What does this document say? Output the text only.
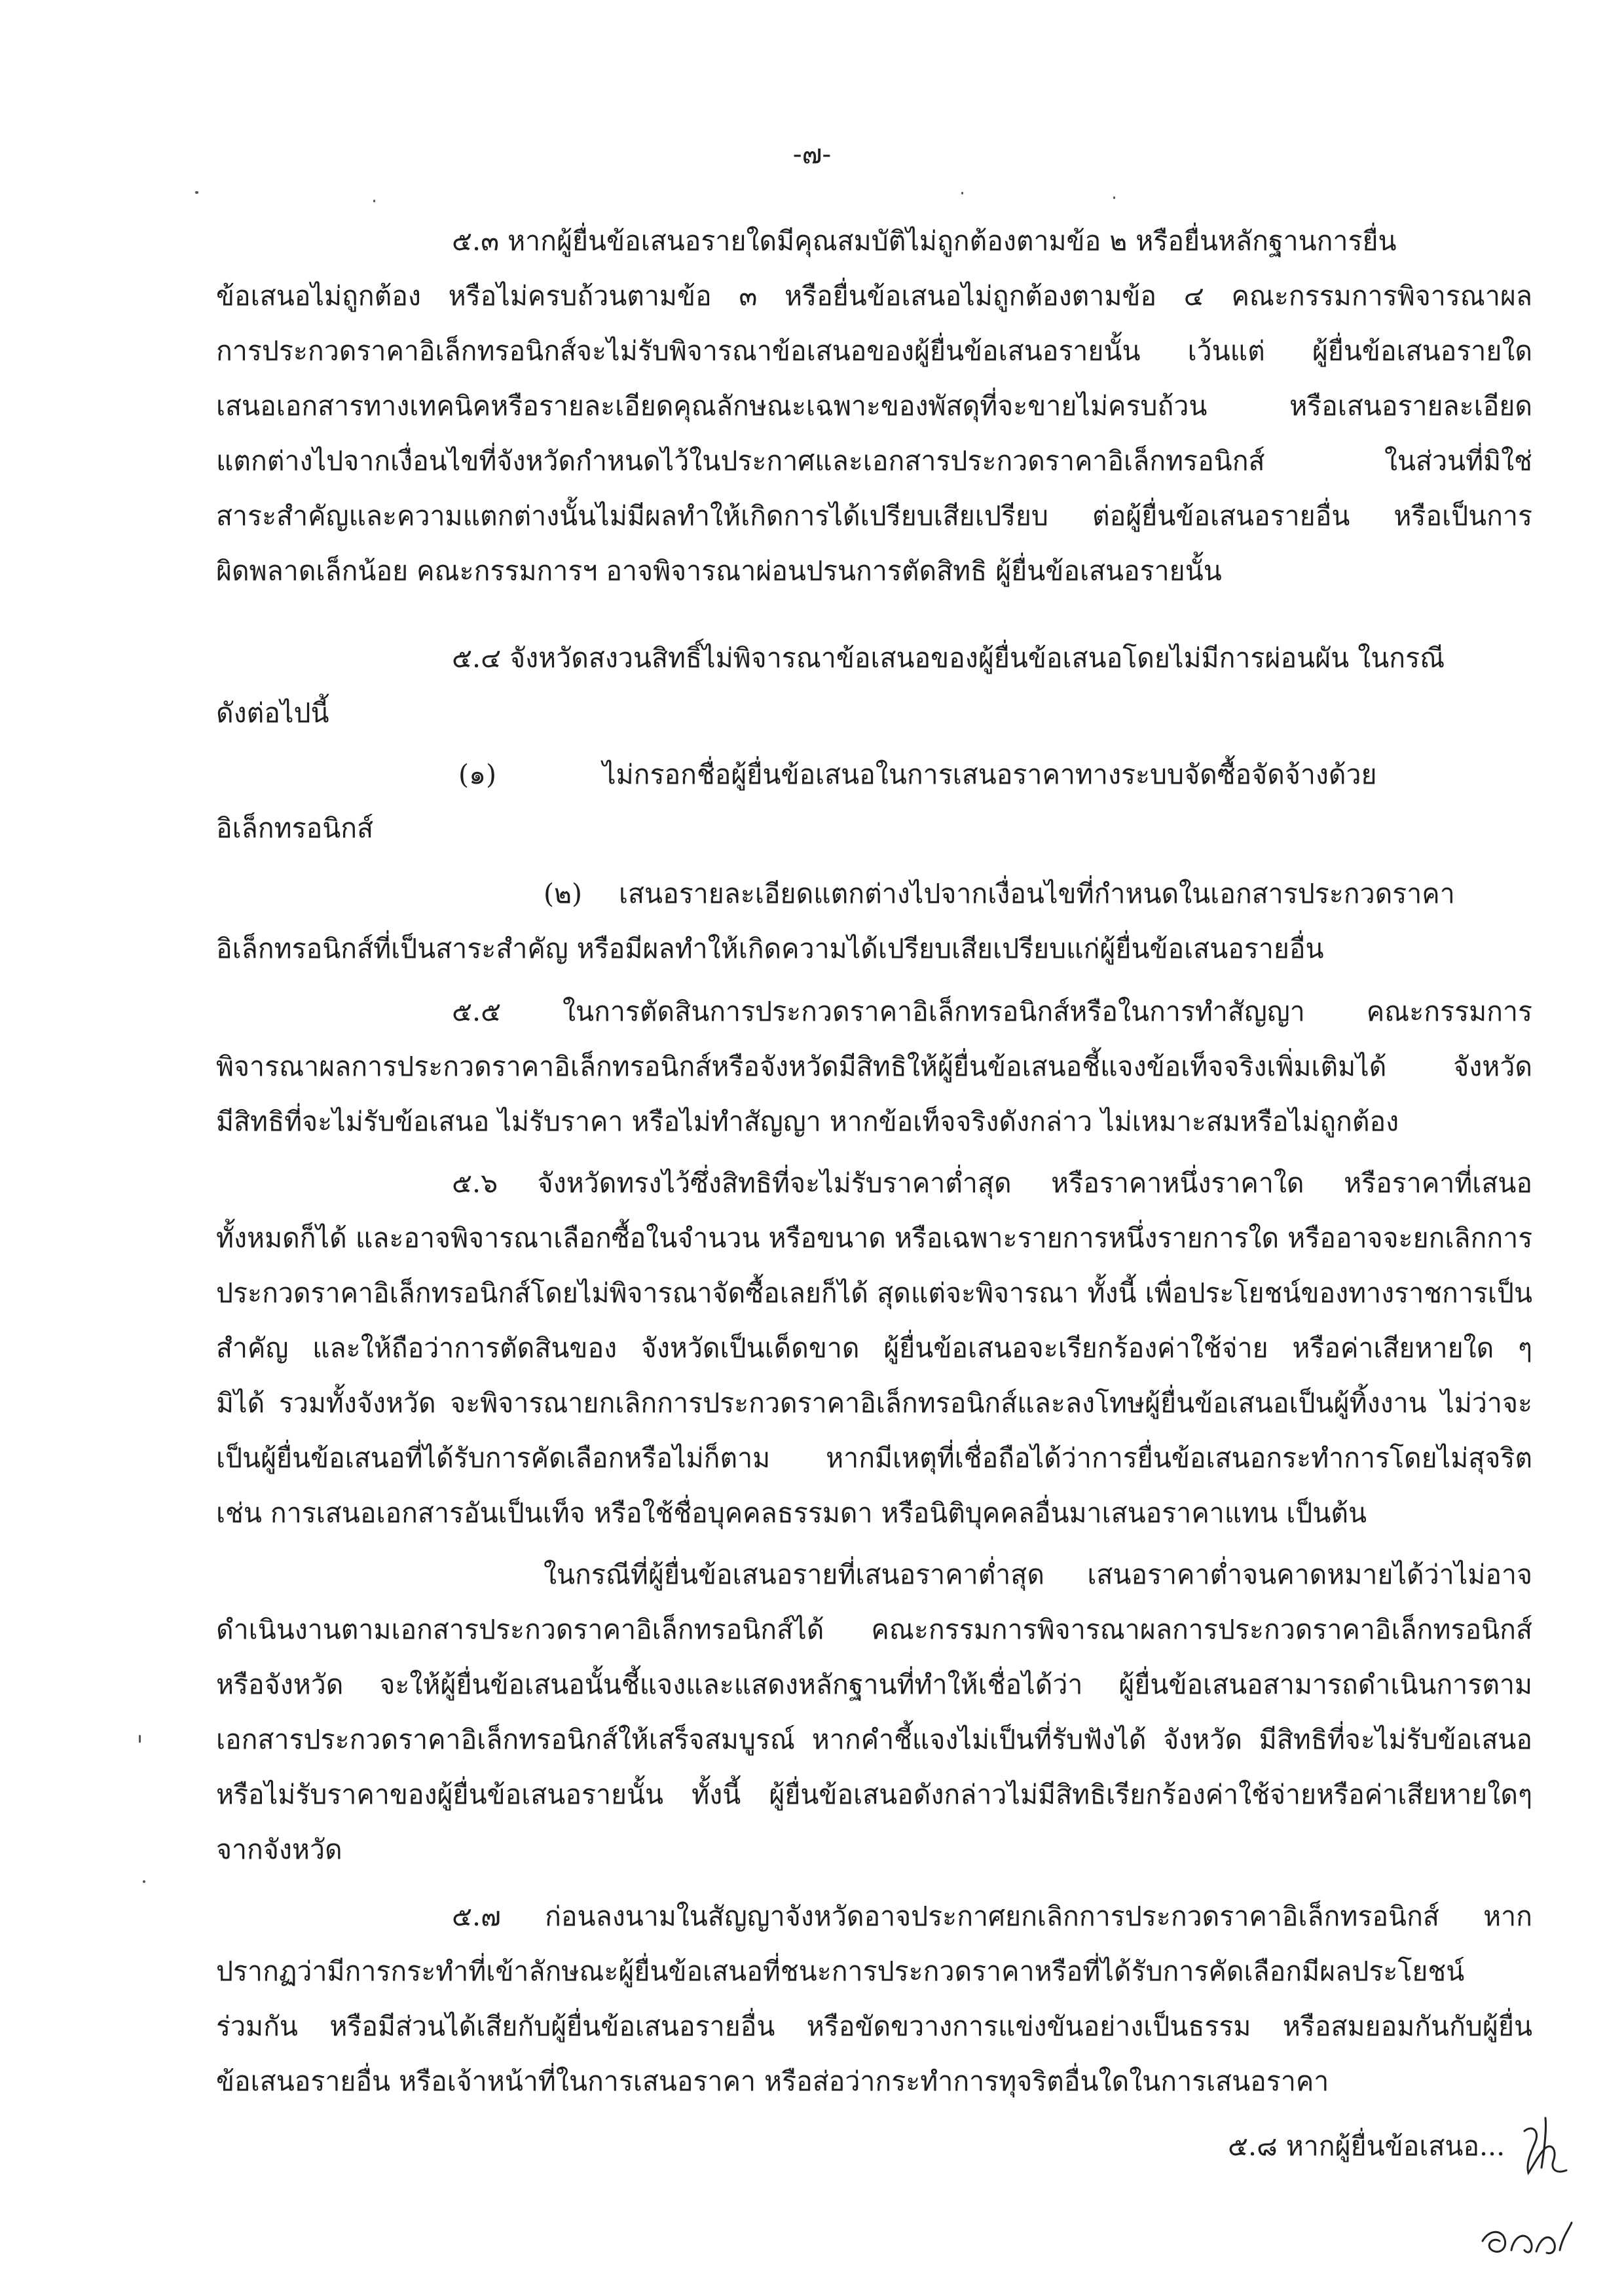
-๗-
๕.๓ หากผู้ยื่นข้อเสนอรายใดมีคุณสมบัติไม่ถูกต้องตามข้อ ๒ หรือยื่นหลักฐานการยื่น
ข้อเสนอไม่ถูกต้อง หรือไม่ครบถ้วนตามข้อ ๓ หรือยื่นข้อเสนอไม่ถูกต้องตามข้อ ๔ คณะกรรมการพิจารณาผล
การประกวดราคาอิเล็กทรอนิกส์จะไม่รับพิจารณาข้อเสนอของผู้ยื่นข้อเสนอรายนั้น เว้นแต่ ผู้ยื่นข้อเสนอรายใด
เสนอเอกสารทางเทคนิคหรือรายละเอียดคุณลักษณะเฉพาะของพัสดุที่จะขายไม่ครบถ้วน หรือเสนอรายละเอียด
แตกต่างไปจากเงื่อนไขที่จังหวัดกำหนดไว้ในประกาศและเอกสารประกวดราคาอิเล็กทรอนิกส์ ในส่วนที่มิใช่
สาระสำคัญและความแตกต่างนั้นไม่มีผลทำให้เกิดการได้เปรียบเสียเปรียบ ต่อผู้ยื่นข้อเสนอรายอื่น หรือเป็นการ
ผิดพลาดเล็กน้อย คณะกรรมการฯ อาจพิจารณาผ่อนปรนการตัดสิทธิ ผู้ยื่นข้อเสนอรายนั้น
๕.๔ จังหวัดสงวนสิทธิ์ไม่พิจารณาข้อเสนอของผู้ยื่นข้อเสนอโดยไม่มีการผ่อนผัน ในกรณี
ดังต่อไปนี้
(๑)	ไม่กรอกชื่อผู้ยื่นข้อเสนอในการเสนอราคาทางระบบจัดซื้อจัดจ้างด้วย
อิเล็กทรอนิกส์
(๒) เสนอรายละเอียดแตกต่างไปจากเงื่อนไขที่กำหนดในเอกสารประกวดราคา
อิเล็กทรอนิกส์ที่เป็นสาระสำคัญ หรือมีผลทำให้เกิดความได้เปรียบเสียเปรียบแก่ผู้ยื่นข้อเสนอรายอื่น
๕.๕ ในการตัดสินการประกวดราคาอิเล็กทรอนิกส์หรือในการทำสัญญา คณะกรรมการ
พิจารณาผลการประกวดราคาอิเล็กทรอนิกส์หรือจังหวัดมีสิทธิให้ผู้ยื่นข้อเสนอชี้แจงข้อเท็จจริงเพิ่มเติมได้ จังหวัด
มีสิทธิที่จะไม่รับข้อเสนอ ไม่รับราคา หรือไม่ทำสัญญา หากข้อเท็จจริงดังกล่าว ไม่เหมาะสมหรือไม่ถูกต้อง
๕.๖ จังหวัดทรงไว้ซึ่งสิทธิที่จะไม่รับราคาต่ำสุด หรือราคาหนึ่งราคาใด หรือราคาที่เสนอ
ทั้งหมดก็ได้ และอาจพิจารณาเลือกซื้อในจำนวน หรือขนาด หรือเฉพาะรายการหนึ่งรายการใด หรืออาจจะยกเลิกการ
ประกวดราคาอิเล็กทรอนิกส์โดยไม่พิจารณาจัดซื้อเลยก็ได้ สุดแต่จะพิจารณา ทั้งนี้ เพื่อประโยชน์ของทางราชการเป็น
สำคัญ และให้ถือว่าการตัดสินของ จังหวัดเป็นเด็ดขาด ผู้ยื่นข้อเสนอจะเรียกร้องค่าใช้จ่าย หรือค่าเสียหายใด ๆ
มิได้ รวมทั้งจังหวัด จะพิจารณายกเลิกการประกวดราคาอิเล็กทรอนิกส์และลงโทษผู้ยื่นข้อเสนอเป็นผู้ทิ้งงาน ไม่ว่าจะ
เป็นผู้ยื่นข้อเสนอที่ได้รับการคัดเลือกหรือไม่ก็ตาม หากมีเหตุที่เชื่อถือได้ว่าการยื่นข้อเสนอกระทำการโดยไม่สุจริต
เช่น การเสนอเอกสารอันเป็นเท็จ หรือใช้ชื่อบุคคลธรรมดา หรือนิติบุคคลอื่นมาเสนอราคาแทน เป็นต้น
ในกรณีที่ผู้ยื่นข้อเสนอรายที่เสนอราคาต่ำสุด เสนอราคาต่ำจนคาดหมายได้ว่าไม่อาจ
ดำเนินงานตามเอกสารประกวดราคาอิเล็กทรอนิกส์ได้ คณะกรรมการพิจารณาผลการประกวดราคาอิเล็กทรอนิกส์
หรือจังหวัด จะให้ผู้ยื่นข้อเสนอนั้นชี้แจงและแสดงหลักฐานที่ทำให้เชื่อได้ว่า ผู้ยื่นข้อเสนอสามารถดำเนินการตาม
เอกสารประกวดราคาอิเล็กทรอนิกส์ให้เสร็จสมบูรณ์ หากคำชี้แจงไม่เป็นที่รับฟังได้ จังหวัด มีสิทธิที่จะไม่รับข้อเสนอ
หรือไม่รับราคาของผู้ยื่นข้อเสนอรายนั้น ทั้งนี้ ผู้ยื่นข้อเสนอดังกล่าวไม่มีสิทธิเรียกร้องค่าใช้จ่ายหรือค่าเสียหายใดๆ
จากจังหวัด
๕.๗ ก่อนลงนามในสัญญาจังหวัดอาจประกาศยกเลิกการประกวดราคาอิเล็กทรอนิกส์ หาก
ปรากฏว่ามีการกระทำที่เข้าลักษณะผู้ยื่นข้อเสนอที่ชนะการประกวดราคาหรือที่ได้รับการคัดเลือกมีผลประโยชน์
ร่วมกัน หรือมีส่วนได้เสียกับผู้ยื่นข้อเสนอรายอื่น หรือขัดขวางการแข่งขันอย่างเป็นธรรม หรือสมยอมกันกับผู้ยื่น
ข้อเสนอรายอื่น หรือเจ้าหน้าที่ในการเสนอราคา หรือส่อว่ากระทำการทุจริตอื่นใดในการเสนอราคา
๕.๘ หากผู้ยื่นข้อเสนอ...
